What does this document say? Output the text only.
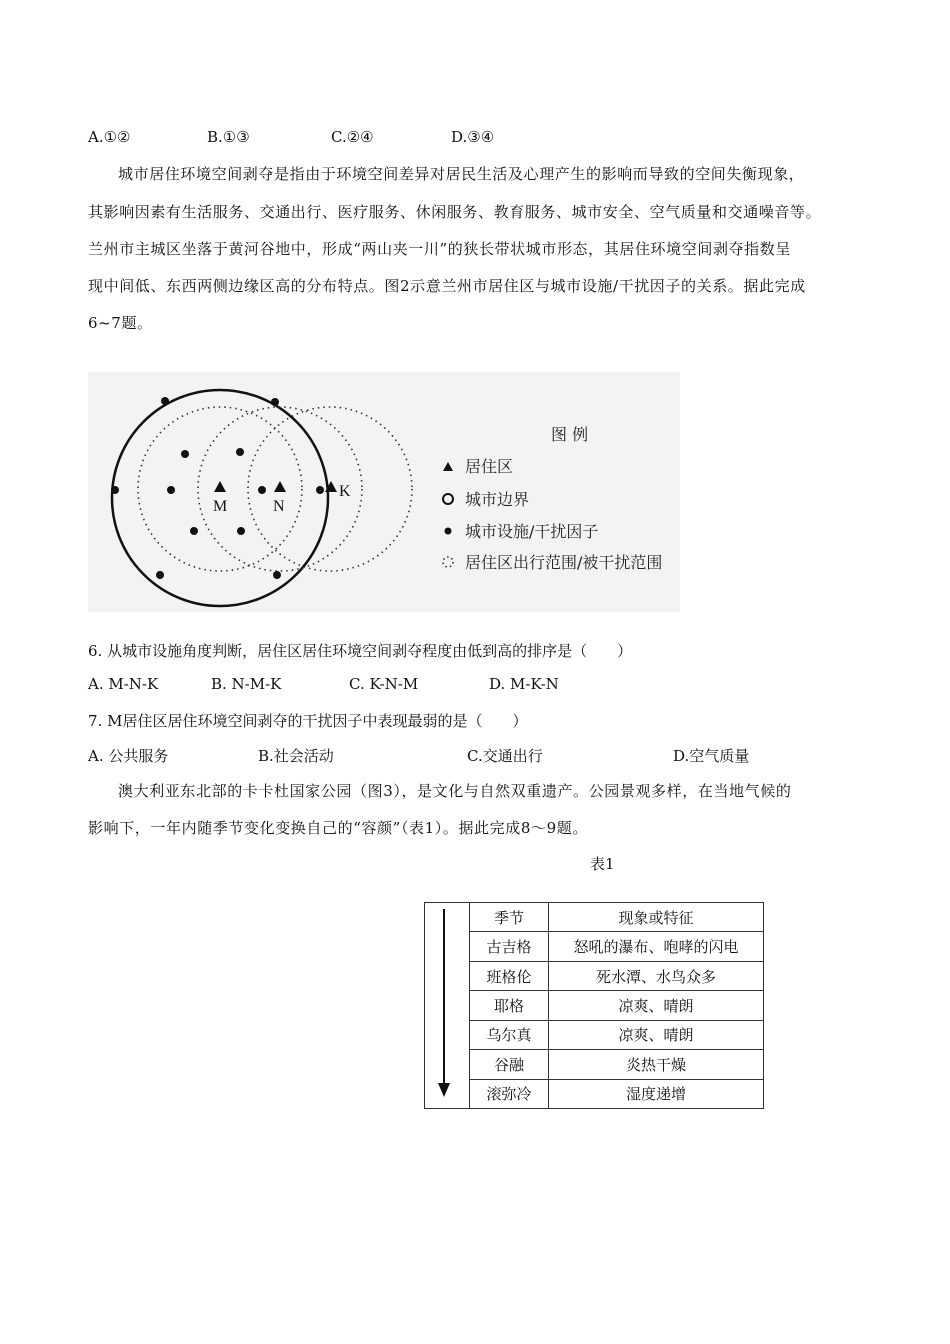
A.①②	B.①③	C.②④	D.③④
城市居住环境空间剥夺是指由于环境空间差异对居民生活及心理产生的影响而导致的空间失衡现象，
其影响因素有生活服务、交通出行、医疗服务、休闲服务、教育服务、城市安全、空气质量和交通噪音等。
兰州市主城区坐落于黄河谷地中，形成“两山夹一川”的狭长带状城市形态，其居住环境空间剥夺指数呈
现中间低、东西两侧边缘区高的分布特点。图2示意兰州市居住区与城市设施/干扰因子的关系。据此完成
6~7题。
M	N
K
图 例
居住区
城市边界
城市设施/干扰因子
居住区出行范围/被干扰范围
6. 从城市设施角度判断，居住区居住环境空间剥夺程度由低到高的排序是（　　）
A. M-N-K	B. N-M-K	C. K-N-M	D. M-K-N
7. M居住区居住环境空间剥夺的干扰因子中表现最弱的是（　　）
A. 公共服务	B.社会活动	C.交通出行	D.空气质量
澳大利亚东北部的卡卡杜国家公园（图3），是文化与自然双重遗产。公园景观多样，在当地气候的
影响下，一年内随季节变化变换自己的“容颜”（表1）。据此完成8～9题。
表1
	季节	现象或特征
	古吉格	怒吼的瀑布、咆哮的闪电
	班格伦	死水潭、水鸟众多
	耶格	凉爽、晴朗
	乌尔真	凉爽、晴朗
	谷融	炎热干燥
	滚弥冷	湿度递增
